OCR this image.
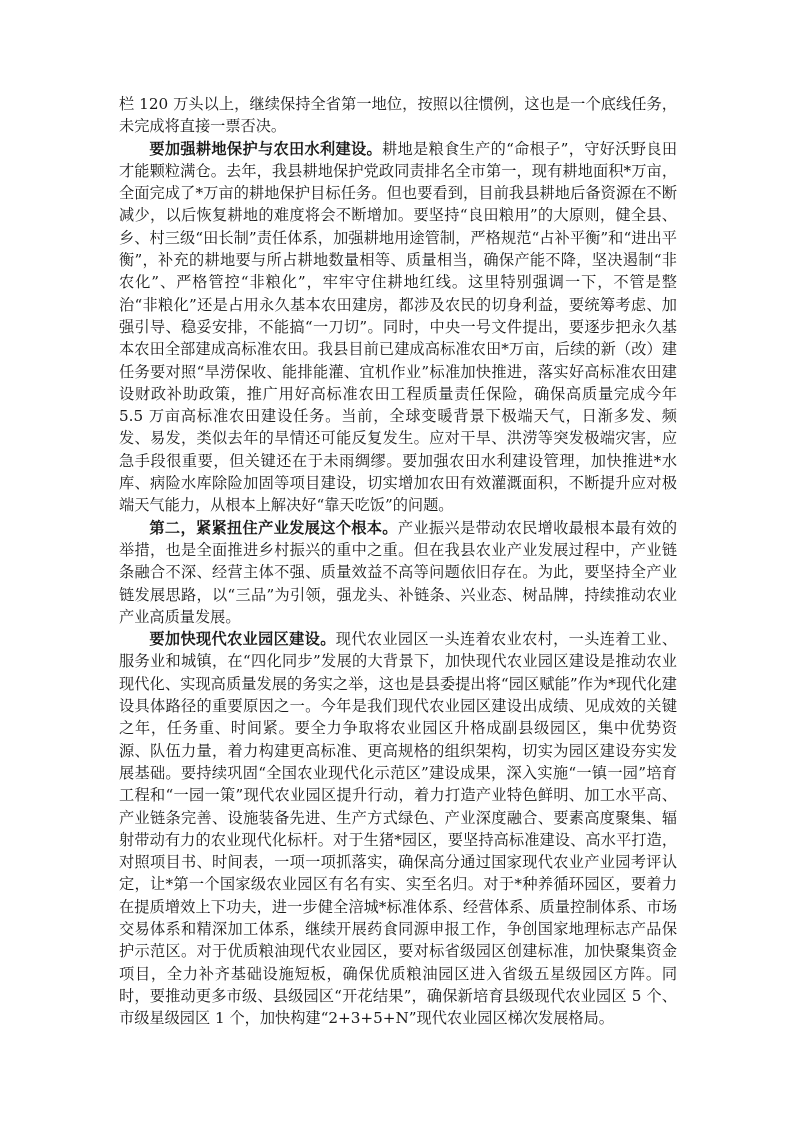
栏 120 万头以上，继续保持全省第一地位，按照以往惯例，这也是一个底线任务，未完成将直接一票否决。

要加强耕地保护与农田水利建设。耕地是粮食生产的“命根子”，守好沃野良田才能颗粒满仓。去年，我县耕地保护党政同责排名全市第一，现有耕地面积*万亩，全面完成了*万亩的耕地保护目标任务。但也要看到，目前我县耕地后备资源在不断减少，以后恢复耕地的难度将会不断增加。要坚持“良田粮用”的大原则，健全县、乡、村三级“田长制”责任体系，加强耕地用途管制，严格规范“占补平衡”和“进出平衡”，补充的耕地要与所占耕地数量相等、质量相当，确保产能不降，坚决遏制“非农化”、严格管控“非粮化”，牢牢守住耕地红线。这里特别强调一下，不管是整治“非粮化”还是占用永久基本农田建房，都涉及农民的切身利益，要统筹考虑、加强引导、稳妥安排，不能搞“一刀切”。同时，中央一号文件提出，要逐步把永久基本农田全部建成高标准农田。我县目前已建成高标准农田*万亩，后续的新（改）建任务要对照“旱涝保收、能排能灌、宜机作业”标准加快推进，落实好高标准农田建设财政补助政策，推广用好高标准农田工程质量责任保险，确保高质量完成今年 5.5 万亩高标准农田建设任务。当前，全球变暖背景下极端天气，日渐多发、频发、易发，类似去年的旱情还可能反复发生。应对干旱、洪涝等突发极端灾害，应急手段很重要，但关键还在于未雨绸缪。要加强农田水利建设管理，加快推进*水库、病险水库除险加固等项目建设，切实增加农田有效灌溉面积，不断提升应对极端天气能力，从根本上解决好“靠天吃饭”的问题。

第二，紧紧扭住产业发展这个根本。产业振兴是带动农民增收最根本最有效的举措，也是全面推进乡村振兴的重中之重。但在我县农业产业发展过程中，产业链条融合不深、经营主体不强、质量效益不高等问题依旧存在。为此，要坚持全产业链发展思路，以“三品”为引领，强龙头、补链条、兴业态、树品牌，持续推动农业产业高质量发展。

要加快现代农业园区建设。现代农业园区一头连着农业农村，一头连着工业、服务业和城镇，在“四化同步”发展的大背景下，加快现代农业园区建设是推动农业现代化、实现高质量发展的务实之举，这也是县委提出将“园区赋能”作为*现代化建设具体路径的重要原因之一。今年是我们现代农业园区建设出成绩、见成效的关键之年，任务重、时间紧。要全力争取将农业园区升格成副县级园区，集中优势资源、队伍力量，着力构建更高标准、更高规格的组织架构，切实为园区建设夯实发展基础。要持续巩固“全国农业现代化示范区”建设成果，深入实施“一镇一园”培育工程和“一园一策”现代农业园区提升行动，着力打造产业特色鲜明、加工水平高、产业链条完善、设施装备先进、生产方式绿色、产业深度融合、要素高度聚集、辐射带动有力的农业现代化标杆。对于生猪*园区，要坚持高标准建设、高水平打造，对照项目书、时间表，一项一项抓落实，确保高分通过国家现代农业产业园考评认定，让*第一个国家级农业园区有名有实、实至名归。对于*种养循环园区，要着力在提质增效上下功夫，进一步健全涪城*标准体系、经营体系、质量控制体系、市场交易体系和精深加工体系，继续开展药食同源申报工作，争创国家地理标志产品保护示范区。对于优质粮油现代农业园区，要对标省级园区创建标准，加快聚集资金项目，全力补齐基础设施短板，确保优质粮油园区进入省级五星级园区方阵。同时，要推动更多市级、县级园区“开花结果”，确保新培育县级现代农业园区 5 个、市级星级园区 1 个，加快构建“2+3+5+N”现代农业园区梯次发展格局。
